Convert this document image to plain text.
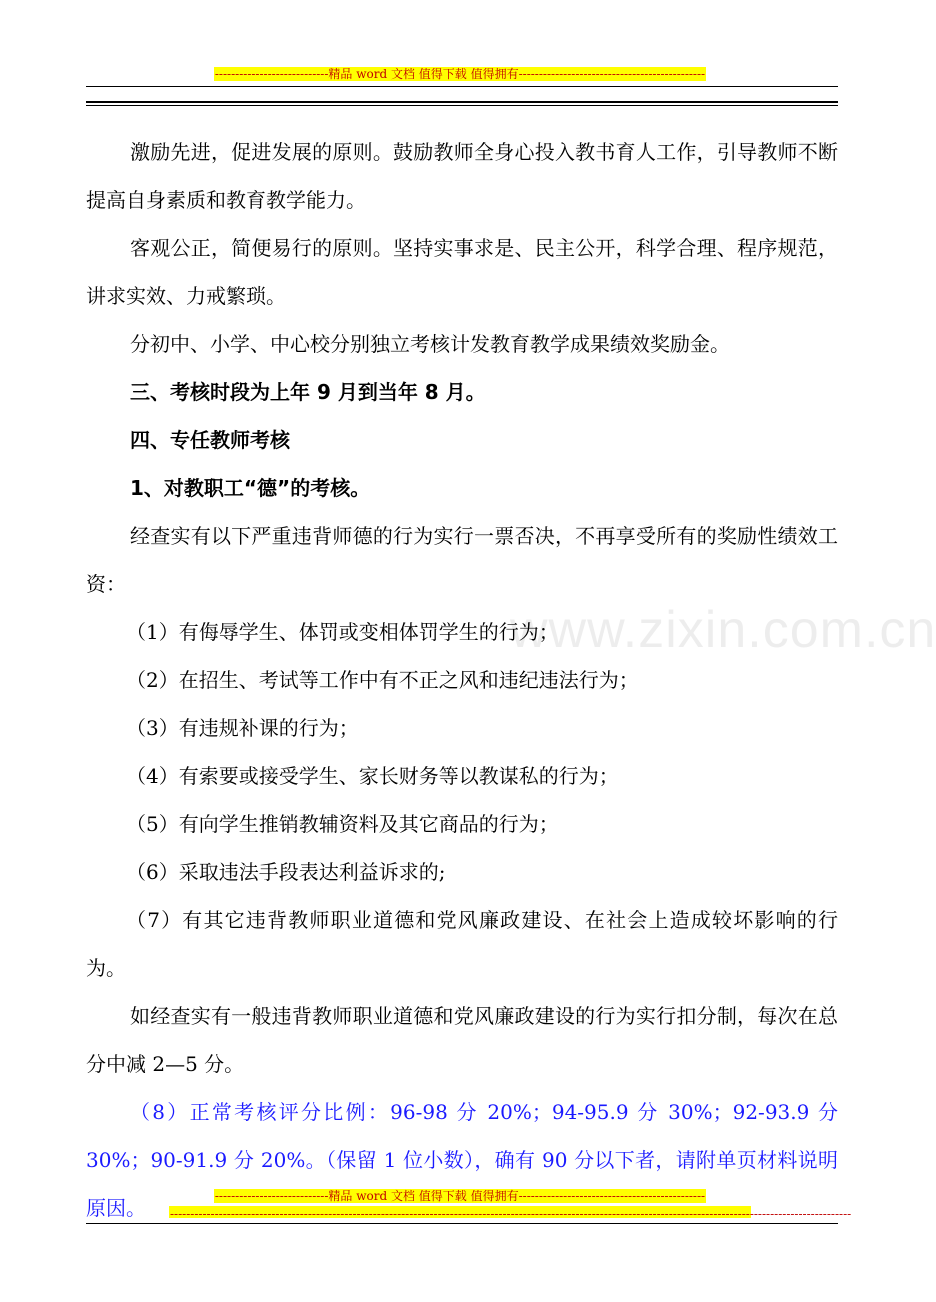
----------------------------精品 word 文档 值得下载 值得拥有----------------------------------------------
www.zixin.com.cn

激励先进，促进发展的原则。鼓励教师全身心投入教书育人工作，引导教师不断提高自身素质和教育教学能力。

客观公正，简便易行的原则。坚持实事求是、民主公开，科学合理、程序规范，讲求实效、力戒繁琐。

分初中、小学、中心校分别独立考核计发教育教学成果绩效奖励金。

三、考核时段为上年 9 月到当年 8 月。

四、专任教师考核

1、对教职工“德”的考核。

经查实有以下严重违背师德的行为实行一票否决，不再享受所有的奖励性绩效工资：

（1）有侮辱学生、体罚或变相体罚学生的行为；

（2）在招生、考试等工作中有不正之风和违纪违法行为；

（3）有违规补课的行为；

（4）有索要或接受学生、家长财务等以教谋私的行为；

（5）有向学生推销教辅资料及其它商品的行为；

（6）采取违法手段表达利益诉求的;

（7）有其它违背教师职业道德和党风廉政建设、在社会上造成较坏影响的行为。

如经查实有一般违背教师职业道德和党风廉政建设的行为实行扣分制，每次在总分中减 2—5 分。

（8）正常考核评分比例：96-98 分 20%；94-95.9 分 30%；92-93.9 分 30%；90-91.9 分 20%。（保留 1 位小数），确有 90 分以下者，请附单页材料说明原因。	----------------------------精品 word 文档 值得下载 值得拥有----------------------------------------------
------------------------------------------------------------------------------------------------------------------------------------------------------------------------
